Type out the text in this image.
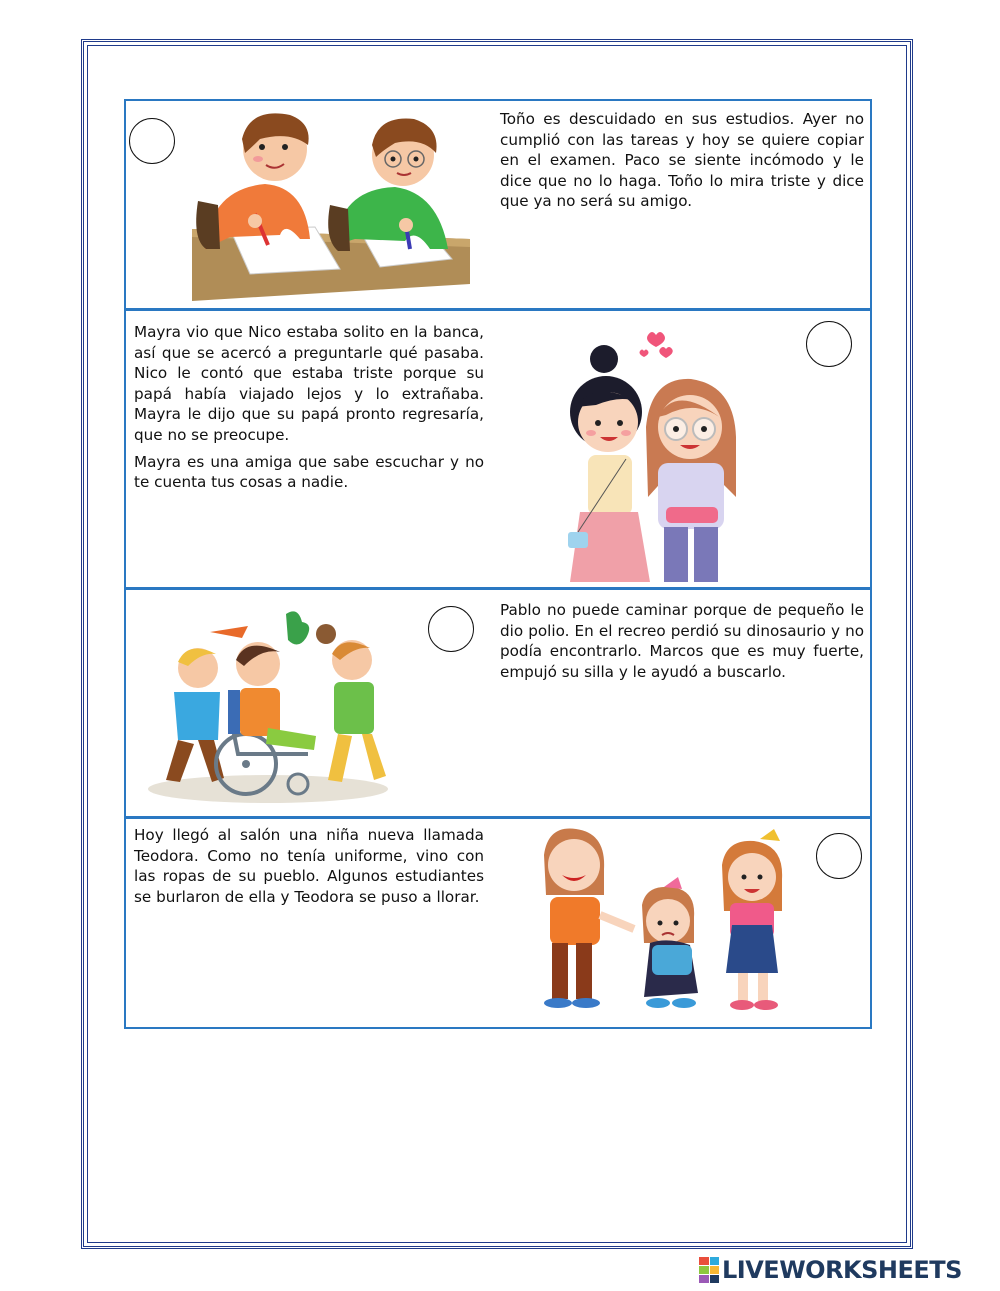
Toño es descuidado en sus estudios. Ayer no cumplió con las tareas y hoy se quiere copiar en el examen. Paco se siente incómodo y le dice que no lo haga. Toño lo mira triste y dice que ya no será su amigo.

Mayra vio que Nico estaba solito en la banca, así que se acercó a preguntarle qué pasaba. Nico le contó que estaba triste porque su papá había viajado lejos y lo extrañaba. Mayra le dijo que su papá pronto regresaría, que no se preocupe.

Mayra es una amiga que sabe escuchar y no te cuenta tus cosas a nadie.

Pablo no puede caminar porque de pequeño le dio polio. En el recreo perdió su dinosaurio y no podía encontrarlo. Marcos que es muy fuerte, empujó su silla y le ayudó a buscarlo.

Hoy llegó al salón una niña nueva llamada Teodora. Como no tenía uniforme, vino con las ropas de su pueblo. Algunos estudiantes se burlaron de ella y Teodora se puso a llorar.

LIVEWORKSHEETS
